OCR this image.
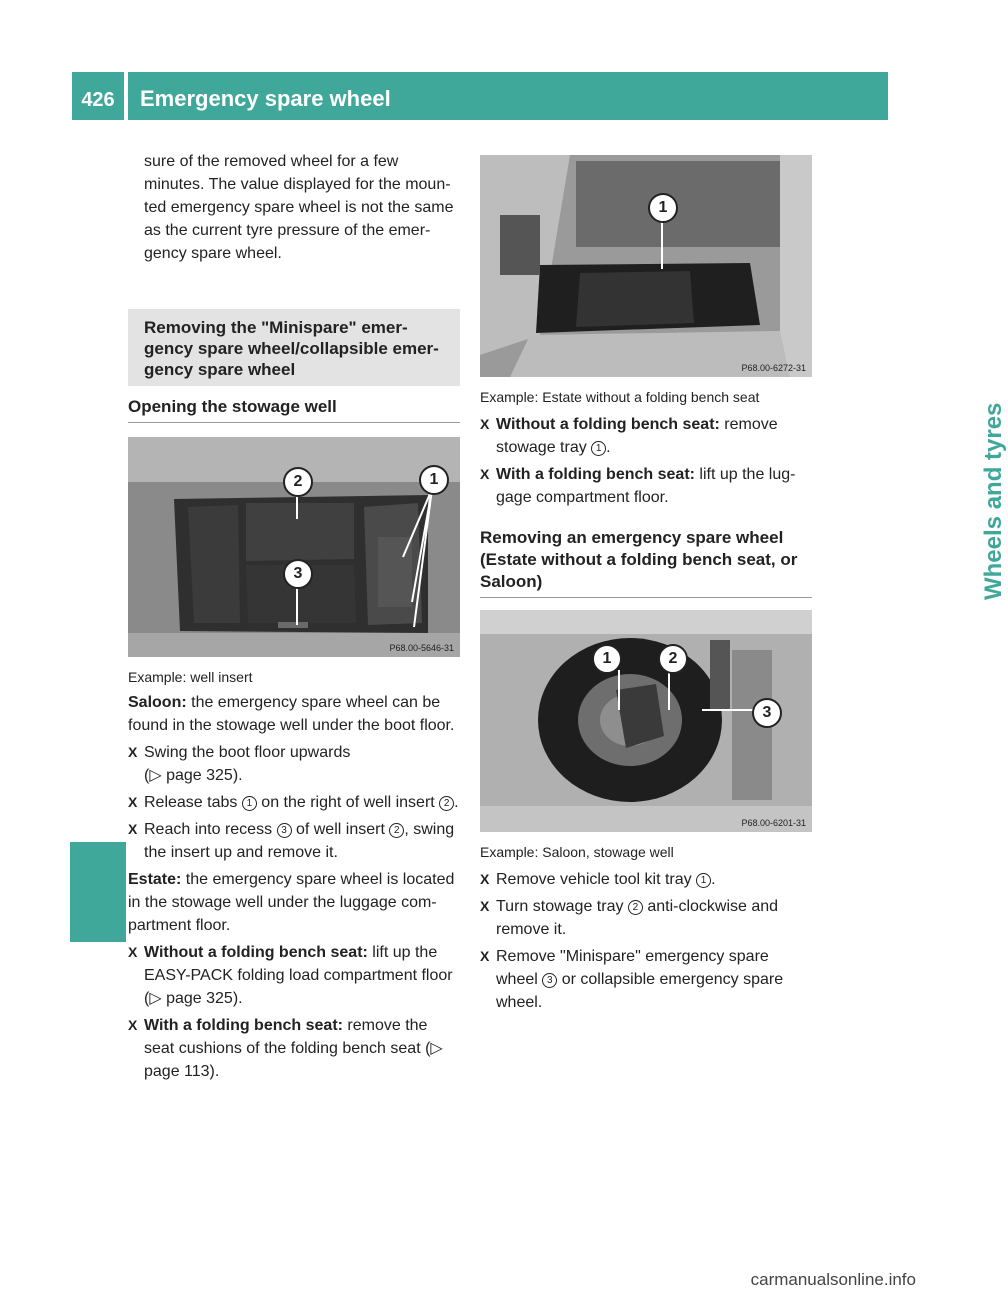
426	Emergency spare wheel
Wheels and tyres

sure of the removed wheel for a few minutes. The value displayed for the moun-ted emergency spare wheel is not the same as the current tyre pressure of the emer-gency spare wheel.

Removing the "Minispare" emer-gency spare wheel/collapsible emer-gency spare wheel
Opening the stowage well
2	1
3
P68.00-5646-31
Example: well insert

Saloon: the emergency spare wheel can be found in the stowage well under the boot floor.

X Swing the boot floor upwards
(▷ page 325).
X Release tabs 1 on the right of well insert 2 .
X Reach into recess 3 of well insert 2 , swing the insert up and remove it.

Estate: the emergency spare wheel is located in the stowage well under the luggage com-partment floor.

X Without a folding bench seat: lift up the EASY-PACK folding load compartment floor (▷ page 325).
X With a folding bench seat: remove the seat cushions of the folding bench seat (▷ page 113).
1
P68.00-6272-31
Example: Estate without a folding bench seat
X Without a folding bench seat: remove stowage tray 1 .
X With a folding bench seat: lift up the lug-gage compartment floor.
Removing an emergency spare wheel (Estate without a folding bench seat, or Saloon)
1	2
3
P68.00-6201-31
Example: Saloon, stowage well
X Remove vehicle tool kit tray 1 .
X Turn stowage tray 2 anti-clockwise and remove it.
X Remove "Minispare" emergency spare wheel 3 or collapsible emergency spare wheel.
carmanualsonline.info
